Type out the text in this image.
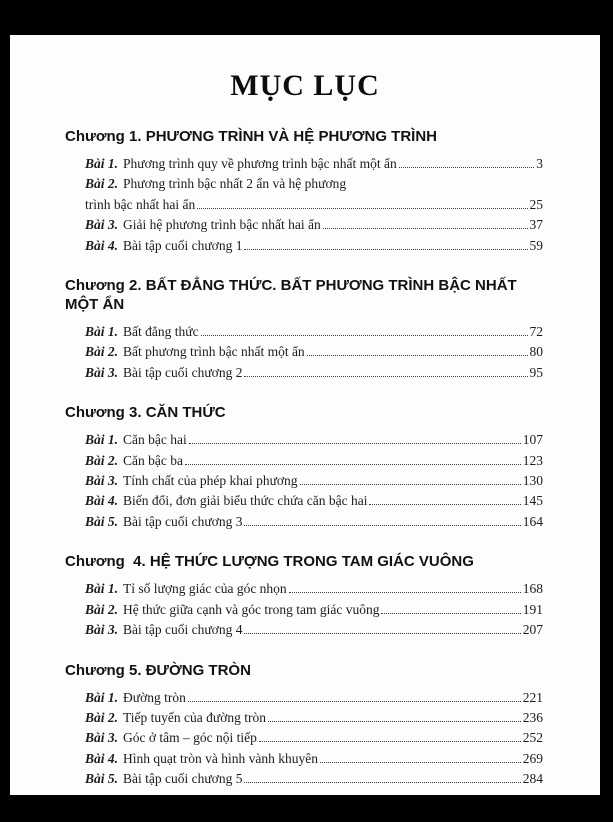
MỤC LỤC
Chương 1. PHƯƠNG TRÌNH VÀ HỆ PHƯƠNG TRÌNH
Bài 1. Phương trình quy về phương trình bậc nhất một ẩn	3
Bài 2. Phương trình bậc nhất 2 ẩn và hệ phương
trình bậc nhất hai ẩn	25
Bài 3. Giải hệ phương trình bậc nhất hai ẩn	37
Bài 4. Bài tập cuối chương 1	59
Chương 2. BẤT ĐẲNG THỨC. BẤT PHƯƠNG TRÌNH BẬC NHẤT MỘT ẨN
Bài 1. Bất đẳng thức	72
Bài 2. Bất phương trình bậc nhất một ẩn	80
Bài 3. Bài tập cuối chương 2	95
Chương 3. CĂN THỨC
Bài 1. Căn bậc hai	107
Bài 2. Căn bậc ba	123
Bài 3. Tính chất của phép khai phương	130
Bài 4. Biến đổi, đơn giải biểu thức chứa căn bậc hai	145
Bài 5. Bài tập cuối chương 3	164
Chương  4. HỆ THỨC LƯỢNG TRONG TAM GIÁC VUÔNG
Bài 1. Tỉ số lượng giác của góc nhọn	168
Bài 2. Hệ thức giữa cạnh và góc trong tam giác vuông	191
Bài 3. Bài tập cuối chương 4	207
Chương 5. ĐƯỜNG TRÒN
Bài 1. Đường tròn	221
Bài 2. Tiếp tuyến của đường tròn	236
Bài 3. Góc ở tâm – góc nội tiếp	252
Bài 4. Hình quạt tròn và hình vành khuyên	269
Bài 5. Bài tập cuối chương 5	284
